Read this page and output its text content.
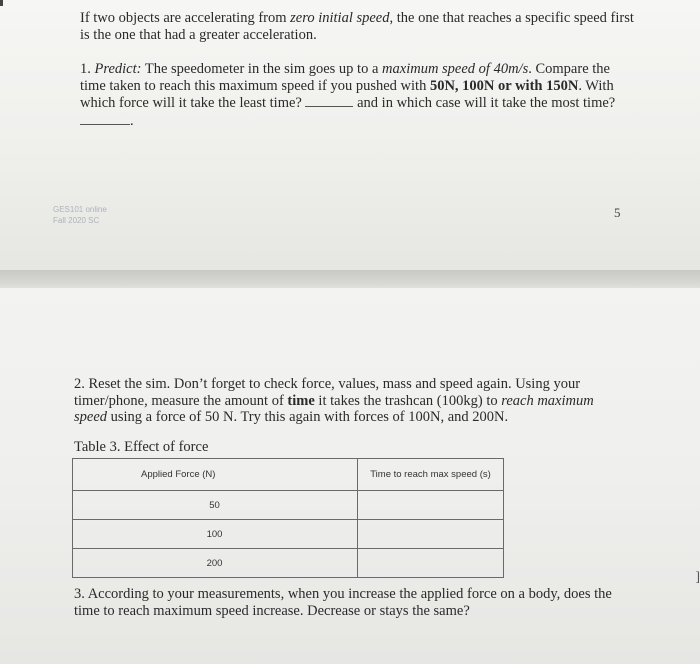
If two objects are accelerating from zero initial speed, the one that reaches a specific speed first is the one that had a greater acceleration.

1. Predict: The speedometer in the sim goes up to a maximum speed of 40m/s. Compare the time taken to reach this maximum speed if you pushed with 50N, 100N or with 150N. With which force will it take the least time?	and in which case will it take the most time?
.

GES101 online
Fall 2020 SC
5

2. Reset the sim. Don’t forget to check force, values, mass and speed again. Using your timer/phone, measure the amount of time it takes the trashcan (100kg) to reach maximum speed using a force of 50 N. Try this again with forces of 100N, and 200N.

Table 3. Effect of force
Applied Force (N)	Time to reach max speed (s)
50	
100	
200	

3. According to your measurements, when you increase the applied force on a body, does the time to reach maximum speed increase. Decrease or stays the same?

]
